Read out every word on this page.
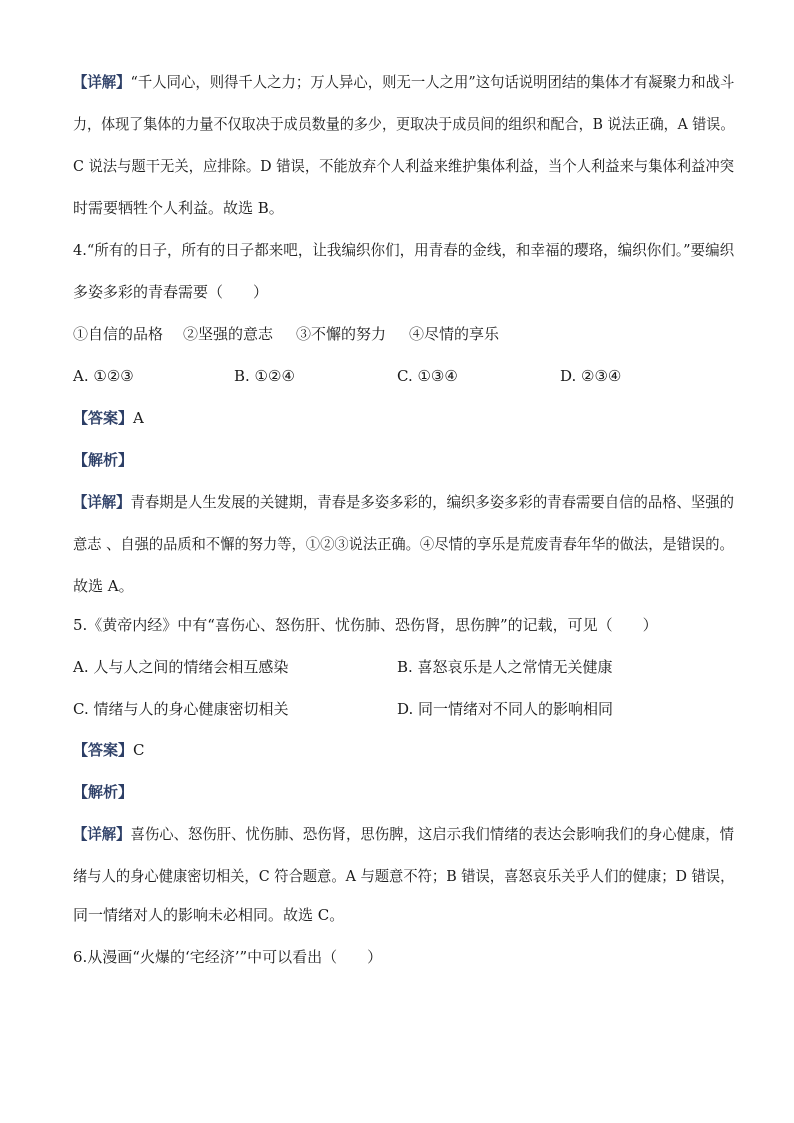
【详解】“千人同心，则得千人之力；万人异心，则无一人之用”这句话说明团结的集体才有凝聚力和战斗
力，体现了集体的力量不仅取决于成员数量的多少，更取决于成员间的组织和配合，B 说法正确，A 错误。
C 说法与题干无关，应排除。D 错误，不能放弃个人利益来维护集体利益，当个人利益来与集体利益冲突
时需要牺牲个人利益。故选 B。
4.“所有的日子，所有的日子都来吧，让我编织你们，用青春的金线，和幸福的璎珞，编织你们。”要编织
多姿多彩的青春需要（　　）
①自信的品格 ②坚强的意志 ③不懈的努力 ④尽情的享乐
A. ①②③	B. ①②④	C. ①③④	D. ②③④
【答案】A
【解析】
【详解】青春期是人生发展的关键期，青春是多姿多彩的，编织多姿多彩的青春需要自信的品格、坚强的
意志 、自强的品质和不懈的努力等，①②③说法正确。④尽情的享乐是荒废青春年华的做法，是错误的。
故选 A。
5.《黄帝内经》中有“喜伤心、怒伤肝、忧伤肺、恐伤肾，思伤脾”的记载，可见（　　）
A. 人与人之间的情绪会相互感染	B. 喜怒哀乐是人之常情无关健康
C. 情绪与人的身心健康密切相关	D. 同一情绪对不同人的影响相同
【答案】C
【解析】
【详解】喜伤心、怒伤肝、忧伤肺、恐伤肾，思伤脾，这启示我们情绪的表达会影响我们的身心健康，情
绪与人的身心健康密切相关，C 符合题意。A 与题意不符；B 错误，喜怒哀乐关乎人们的健康；D 错误，
同一情绪对人的影响未必相同。故选 C。
6.从漫画“火爆的‘宅经济’”中可以看出（　　）
